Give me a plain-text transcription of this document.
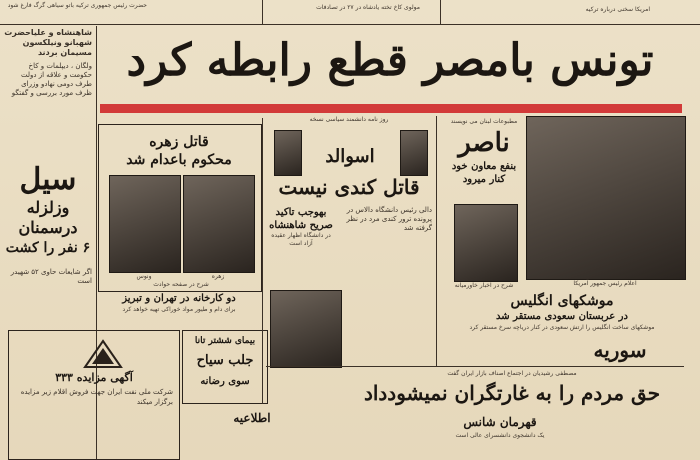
حضرت رئیس جمهوری ترکیه باتو سیاهی گرگ فارغ شود	مولوی کاخ تخته یادشاه در ۲۷ در تصادفات	امریکا سخنی درباره ترکیه
شاهنشاه و علیاحضرت شهبانو ونیلکسون مسیمان بردند
ولگان ، دیپلمات و کاخ حکومت و علاقه از دولت طرف دومی نهادو وزرای ظرف مورد بررسی و گفتگو
سیل
وزلزله
درسمنان
۶ نفر را کشت
اگر شایعات حاوی ۵۲ شهیدر است
آگهی مزایده ۳۳۳
شرکت ملی نفت ایران جهت فروش اقلام زیر مزایده برگزار میکند
تونس بامصر قطع رابطه کرد
قاتل زهره
محکوم باعدام شد
ونوس	زهره
شرح در صفحه حوادث
دو کارخانه در تهران و تبریز
برای دام و طیور مواد خوراکی تهیه خواهد کرد
بیمای ششتر تانا
جلب سیاح
سوی رضانه
روز نامه دانشمند سیاسی نسخه
اسوالد
قاتل کندی نیست
دالی رئیس دانشگاه دالاس در پرونده ترور کندی مرد در نظر گرفته شد
بهوجب تاکید
صریح شاهنشاه
در دانشگاه اظهار عقیده آزاد است
مطبوعات لبنان می نویسند
ناصر
بنفع معاون خود
کنار میرود
شرح در اخبار خاورمیانه	اعلام رئیس جمهور آمریکا
موشکهای انگلیس
در عربستان سعودی مستقر شد
موشکهای ساخت انگلیس را ارتش سعودی در کنار دریاچه سرخ مستقر کرد
سوریه
مصطفی رشیدیان در اجتماع اصناف بازار ایران گفت
حق مردم را به غارتگران نمیشودداد
قهرمان شانس
یک دانشجوی دانشسرای عالی است
اطلاعیه
